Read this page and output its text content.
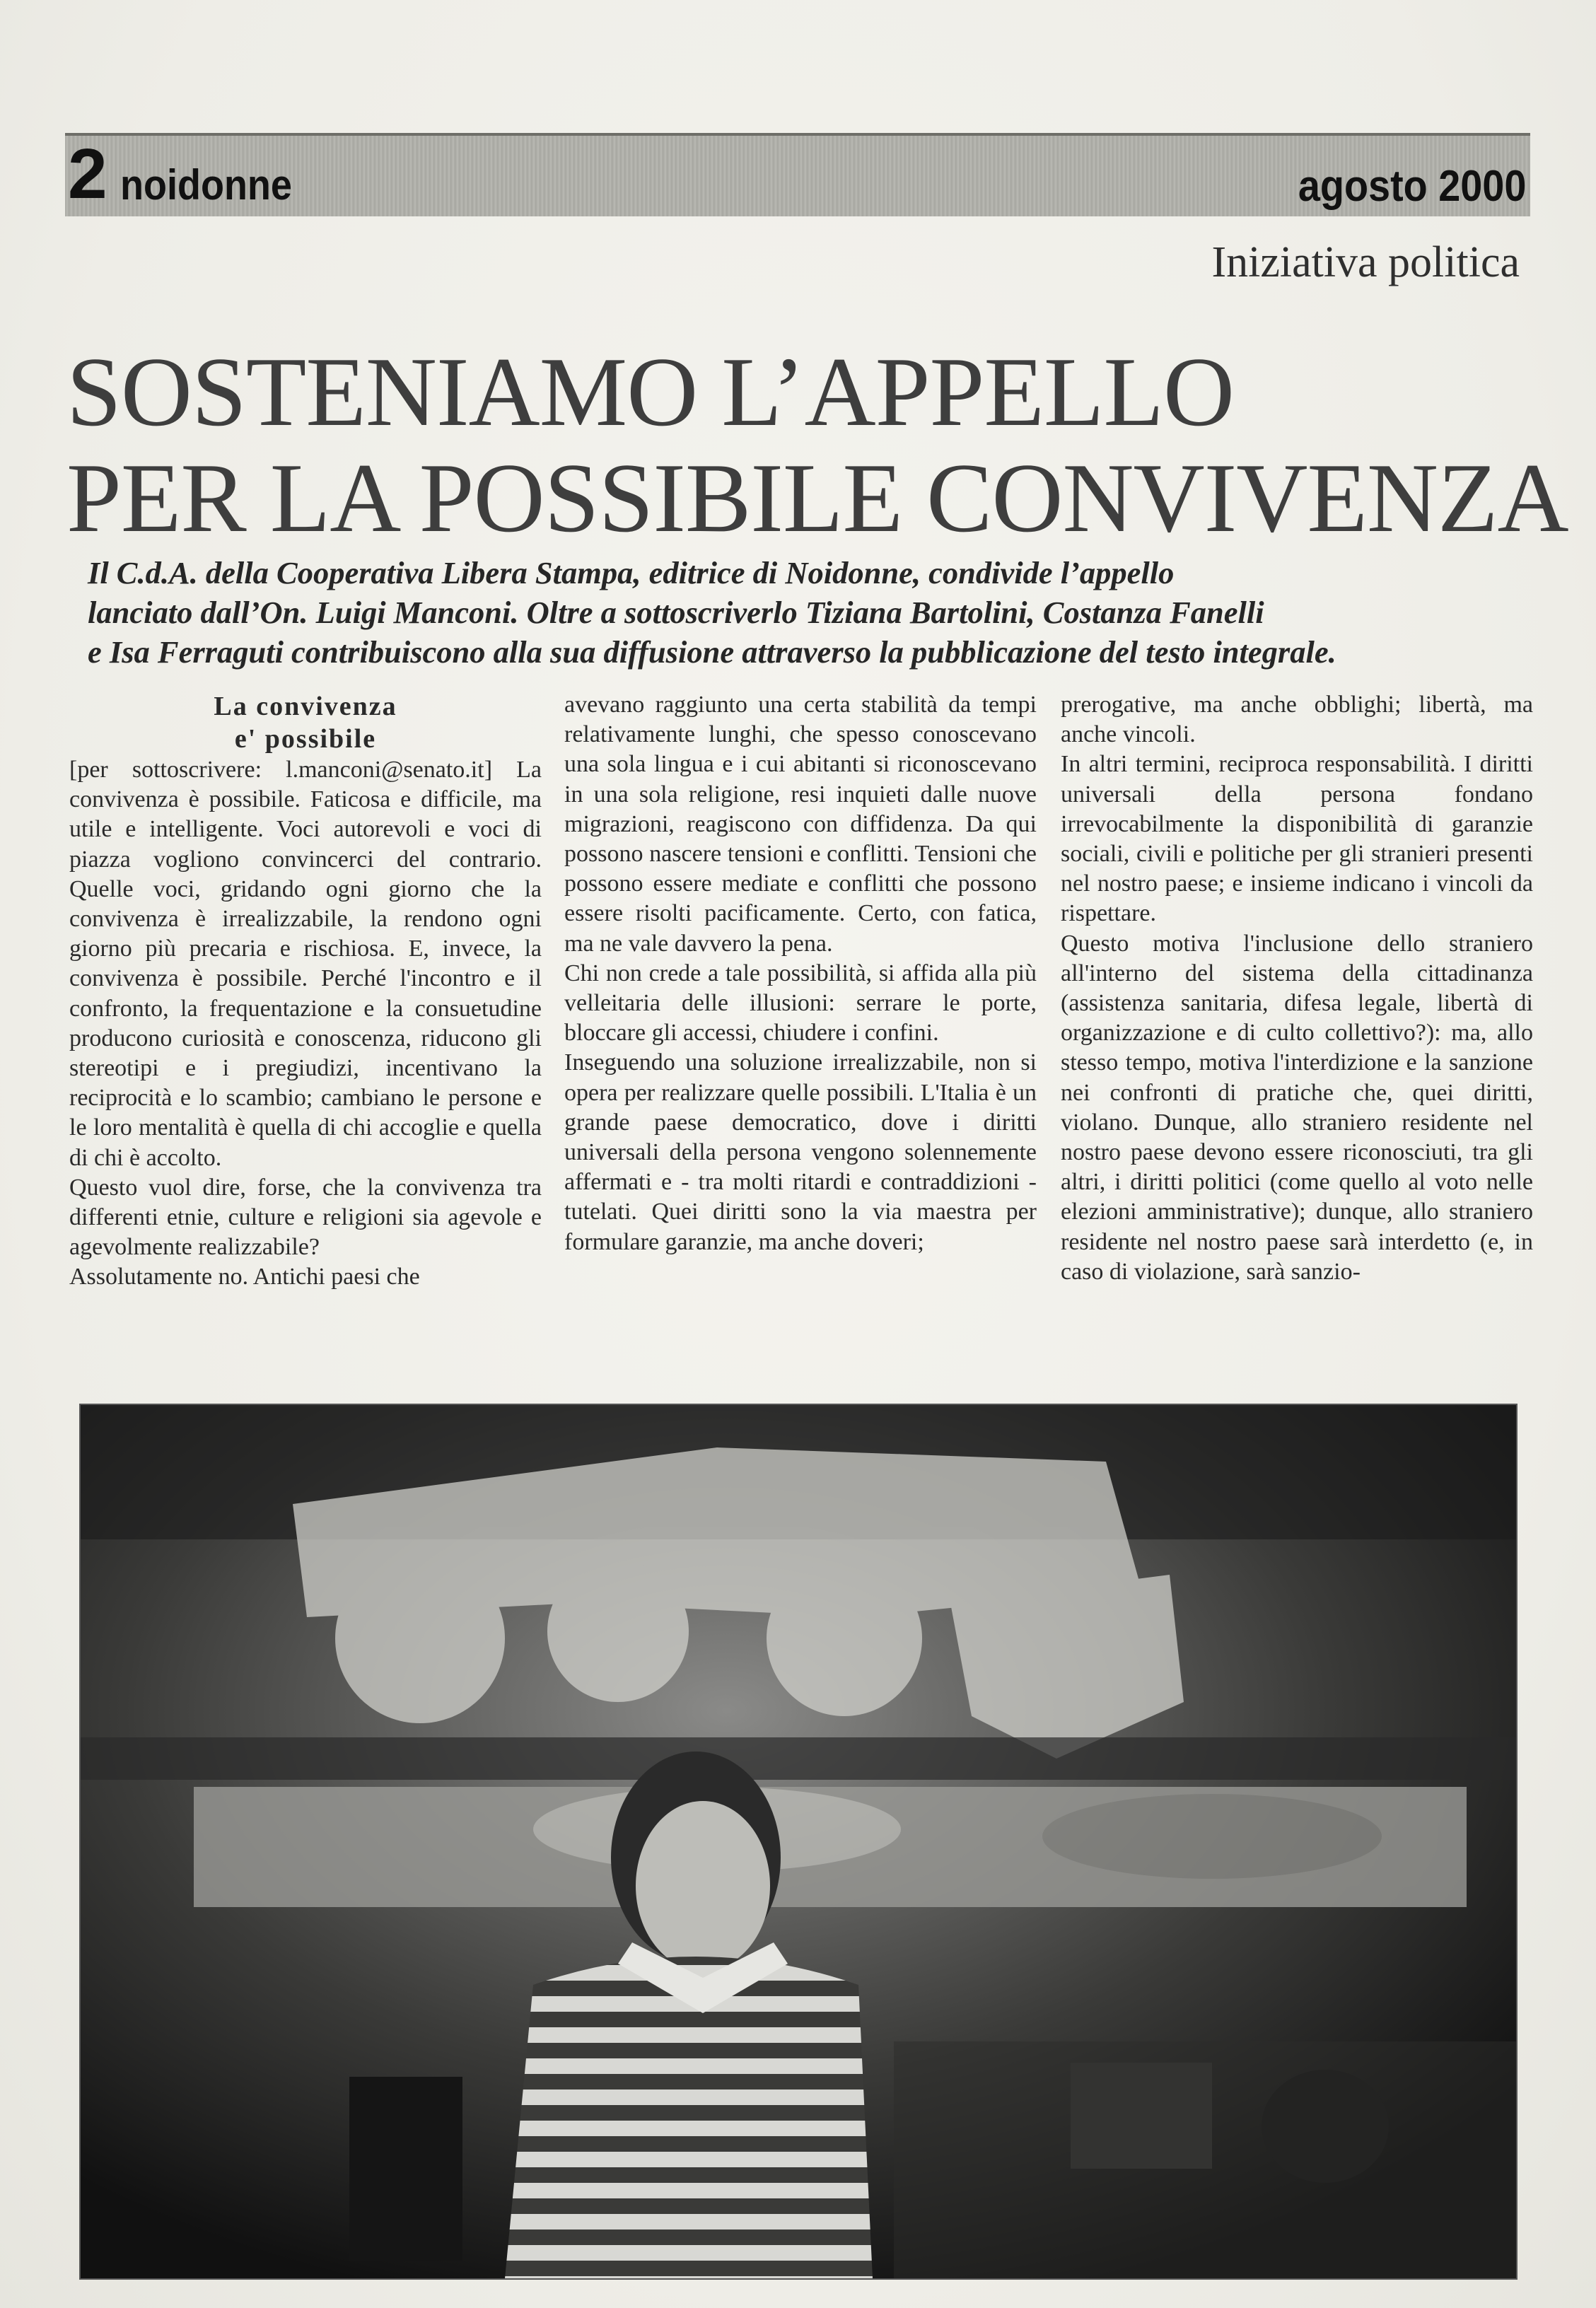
2 noidonne	agosto 2000
Iniziativa politica
SOSTENIAMO L’APPELLO
PER LA POSSIBILE CONVIVENZA
Il C.d.A. della Cooperativa Libera Stampa, editrice di Noidonne, condivide l’appello
lanciato dall’On. Luigi Manconi. Oltre a sottoscriverlo Tiziana Bartolini, Costanza Fanelli
e Isa Ferraguti contribuiscono alla sua diffusione attraverso la pubblicazione del testo integrale.

La convivenza

e' possibile

[per sottoscrivere: l.manconi@senato.it] La convivenza è possibile. Faticosa e difficile, ma utile e intelligente. Voci autorevoli e voci di piazza vogliono convincerci del contrario. Quelle voci, gridando ogni giorno che la convivenza è irrealizzabile, la rendono ogni giorno più precaria e rischiosa. E, invece, la convivenza è possibile. Perché l'incontro e il confronto, la frequentazione e la consuetudine producono curiosità e conoscenza, riducono gli stereotipi e i pregiudizi, incentivano la reciprocità e lo scambio; cambiano le persone e le loro mentalità è quella di chi accoglie e quella di chi è accolto.

Questo vuol dire, forse, che la convivenza tra differenti etnie, culture e religioni sia agevole e agevolmente realizzabile?

Assolutamente no. Antichi paesi che

avevano raggiunto una certa stabilità da tempi relativamente lunghi, che spesso conoscevano una sola lingua e i cui abitanti si riconoscevano in una sola religione, resi inquieti dalle nuove migrazioni, reagiscono con diffidenza. Da qui possono nascere tensioni e conflitti. Tensioni che possono essere mediate e conflitti che possono essere risolti pacificamente. Certo, con fatica, ma ne vale davvero la pena.

Chi non crede a tale possibilità, si affida alla più velleitaria delle illusioni: serrare le porte, bloccare gli accessi, chiudere i confini.

Inseguendo una soluzione irrealizzabile, non si opera per realizzare quelle possibili. L'Italia è un grande paese democratico, dove i diritti universali della persona vengono solennemente affermati e - tra molti ritardi e contraddizioni - tutelati. Quei diritti sono la via maestra per formulare garanzie, ma anche doveri;

prerogative, ma anche obblighi; libertà, ma anche vincoli.

In altri termini, reciproca responsabilità. I diritti universali della persona fondano irrevocabilmente la disponibilità di garanzie sociali, civili e politiche per gli stranieri presenti nel nostro paese; e insieme indicano i vincoli da rispettare.

Questo motiva l'inclusione dello straniero all'interno del sistema della cittadinanza (assistenza sanitaria, difesa legale, libertà di organizzazione e di culto collettivo?): ma, allo stesso tempo, motiva l'interdizione e la sanzione nei confronti di pratiche che, quei diritti, violano. Dunque, allo straniero residente nel nostro paese devono essere riconosciuti, tra gli altri, i diritti politici (come quello al voto nelle elezioni amministrative); dunque, allo straniero residente nel nostro paese sarà interdetto (e, in caso di violazione, sarà sanzio-
